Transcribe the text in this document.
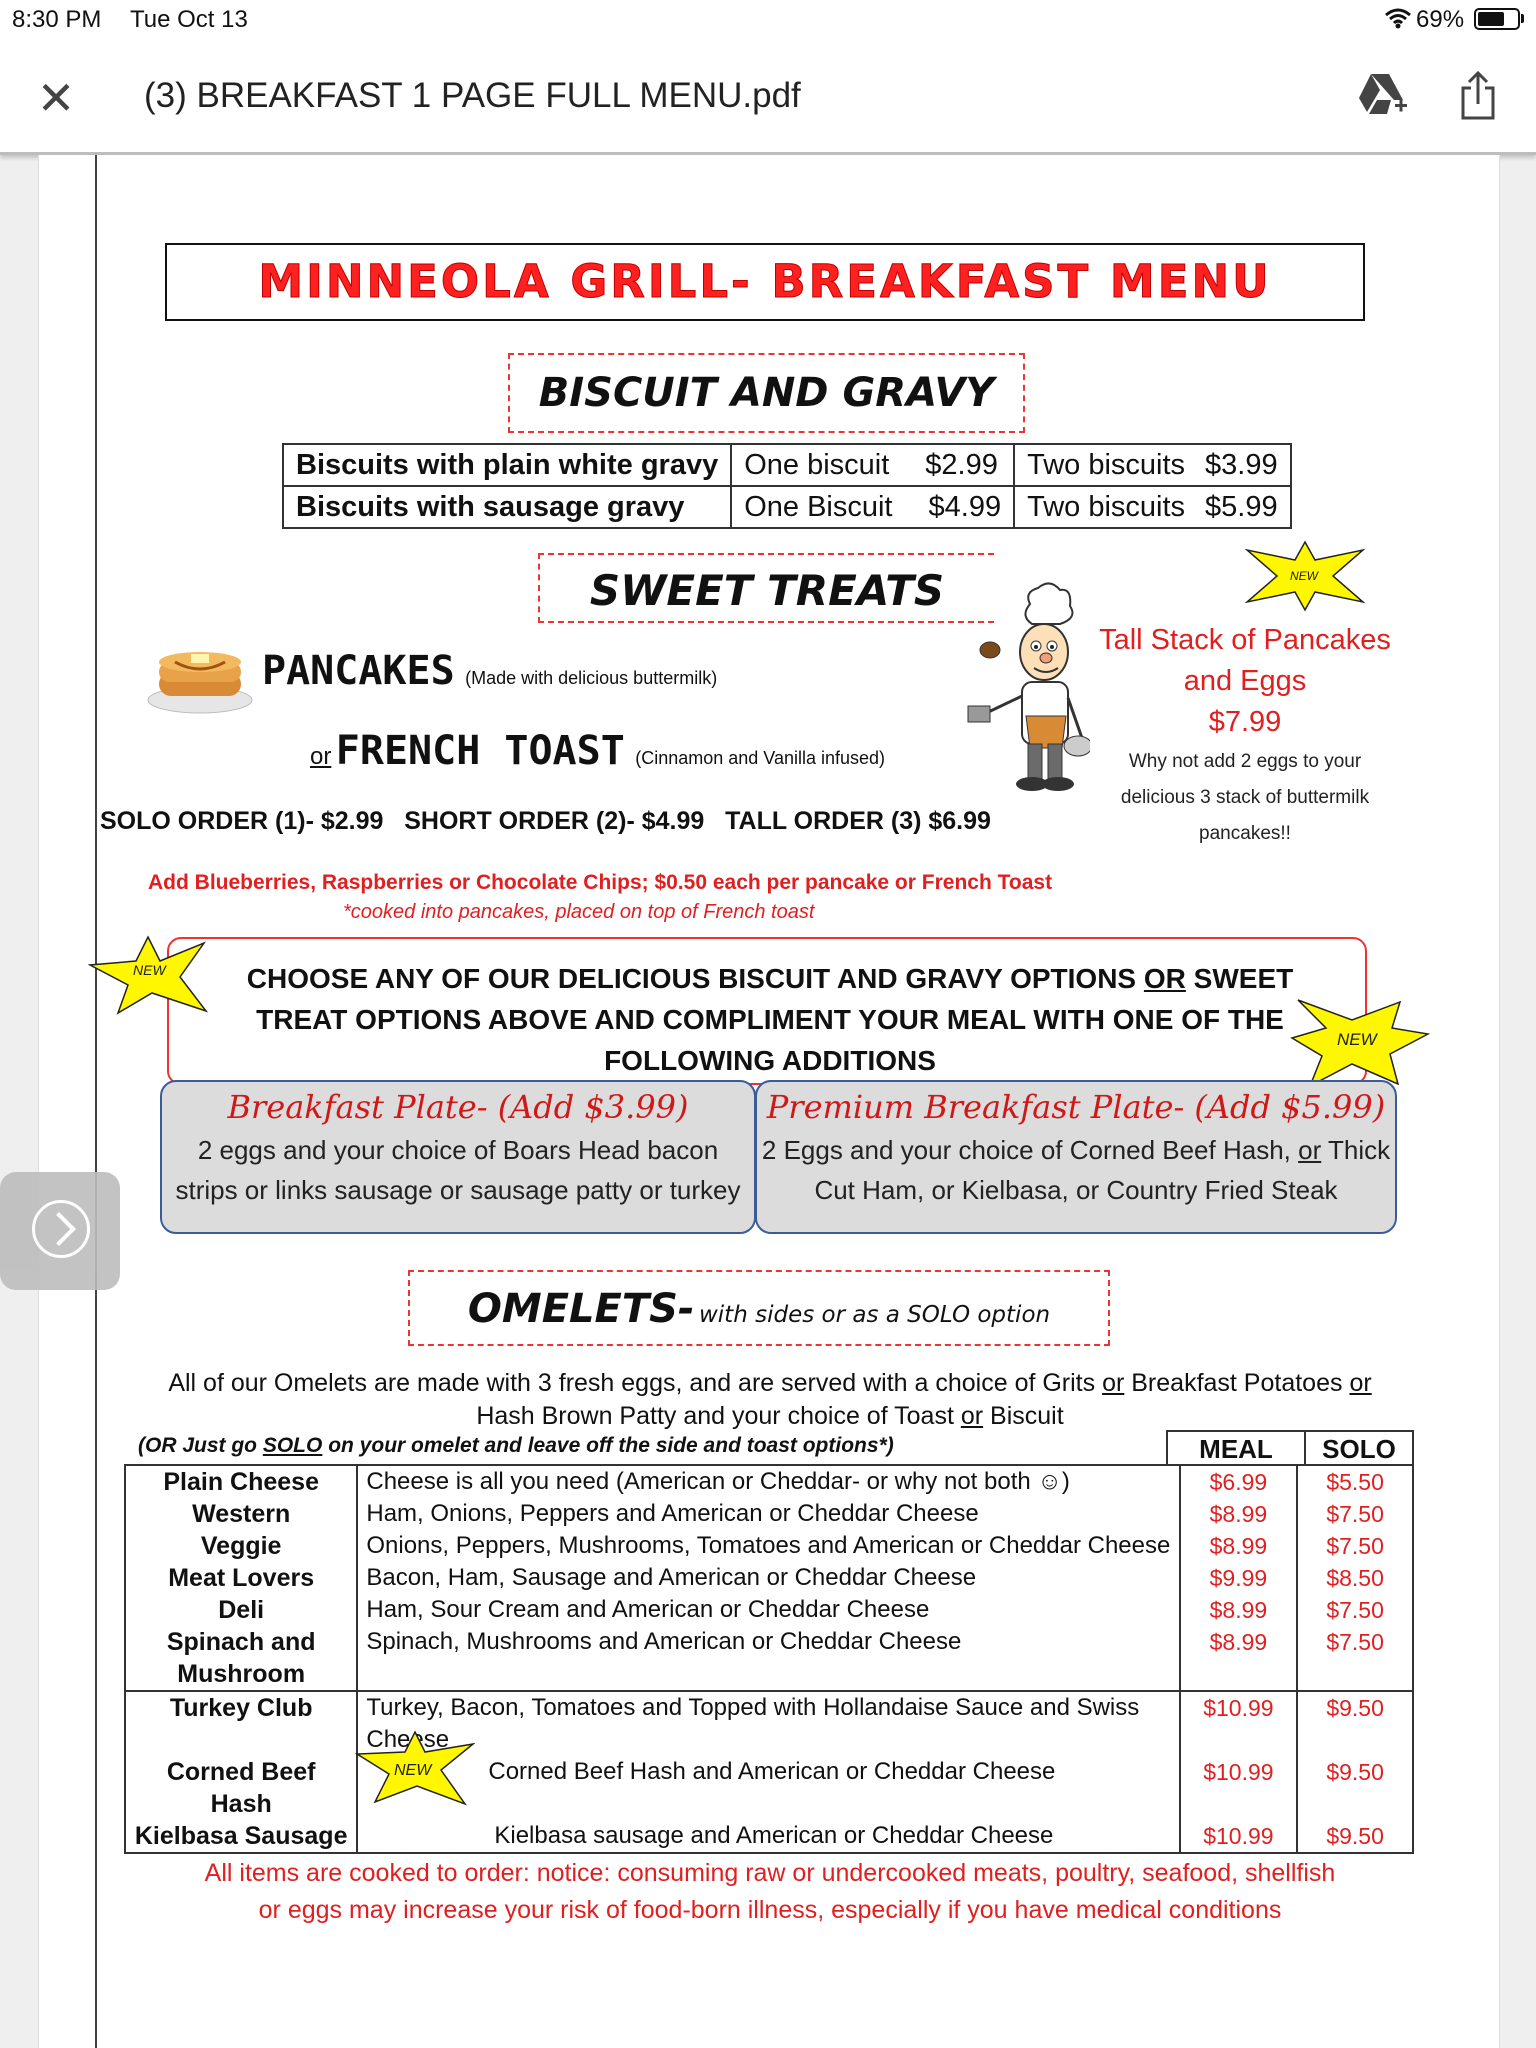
8:30 PM Tue Oct 13	69%
✕ (3) BREAKFAST 1 PAGE FULL MENU.pdf
MINNEOLA GRILL- BREAKFAST MENU
BISCUIT AND GRAVY
Biscuits with plain white gravy	One biscuit $2.99	Two biscuits $3.99
Biscuits with sausage gravy	One Biscuit $4.99	Two biscuits $5.99
SWEET TREATS
PANCAKES (Made with delicious buttermilk)
or FRENCH TOAST (Cinnamon and Vanilla infused)
SOLO ORDER (1)- $2.99   SHORT ORDER (2)- $4.99   TALL ORDER (3) $6.99
Add Blueberries, Raspberries or Chocolate Chips; $0.50 each per pancake or French Toast
*cooked into pancakes, placed on top of French toast
NEW
Tall Stack of Pancakes
and Eggs
$7.99
Why not add 2 eggs to your
delicious 3 stack of buttermilk
pancakes!!
CHOOSE ANY OF OUR DELICIOUS BISCUIT AND GRAVY OPTIONS OR SWEET
TREAT OPTIONS ABOVE AND COMPLIMENT YOUR MEAL WITH ONE OF THE
FOLLOWING ADDITIONS
NEW
NEW
Breakfast Plate- (Add $3.99)
2 eggs and your choice of Boars Head bacon
strips or links sausage or sausage patty or turkey
Premium Breakfast Plate- (Add $5.99)
2 Eggs and your choice of Corned Beef Hash, or Thick
Cut Ham, or Kielbasa, or Country Fried Steak
OMELETS- with sides or as a SOLO option
All of our Omelets are made with 3 fresh eggs, and are served with a choice of Grits or Breakfast Potatoes or
Hash Brown Patty and your choice of Toast or Biscuit
(OR Just go SOLO on your omelet and leave off the side and toast options*)	MEAL	SOLO
Plain Cheese	Cheese is all you need (American or Cheddar- or why not both ☺)	$6.99	$5.50
Western	Ham, Onions, Peppers and American or Cheddar Cheese	$8.99	$7.50
Veggie	Onions, Peppers, Mushrooms, Tomatoes and American or Cheddar Cheese	$8.99	$7.50
Meat Lovers	Bacon, Ham, Sausage and American or Cheddar Cheese	$9.99	$8.50
Deli	Ham, Sour Cream and American or Cheddar Cheese	$8.99	$7.50

Spinach and
Mushroom	Spinach, Mushrooms and American or Cheddar Cheese	$8.99	$7.50
Turkey Club	Turkey, Bacon, Tomatoes and Topped with Hollandaise Sauce and Swiss Cheese	$10.99	$9.50
Corned Beef Hash	Corned Beef Hash and American or Cheddar Cheese	$10.99	$9.50
Kielbasa Sausage	Kielbasa sausage and American or Cheddar Cheese	$10.99	$9.50
NEW
All items are cooked to order: notice: consuming raw or undercooked meats, poultry, seafood, shellfish
or eggs may increase your risk of food-born illness, especially if you have medical conditions
